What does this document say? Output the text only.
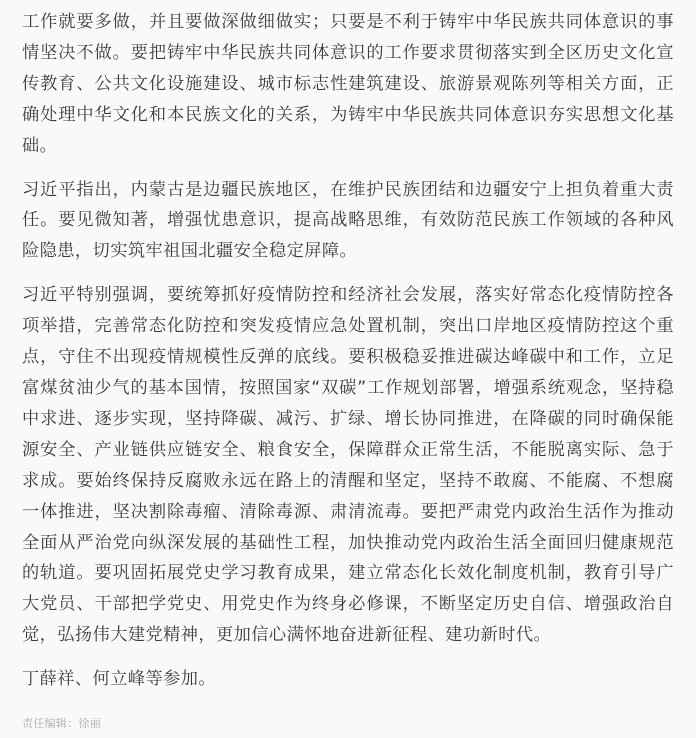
工作就要多做，并且要做深做细做实；只要是不利于铸牢中华民族共同体意识的事情坚决不做。要把铸牢中华民族共同体意识的工作要求贯彻落实到全区历史文化宣传教育、公共文化设施建设、城市标志性建筑建设、旅游景观陈列等相关方面，正确处理中华文化和本民族文化的关系，为铸牢中华民族共同体意识夯实思想文化基础。

习近平指出，内蒙古是边疆民族地区，在维护民族团结和边疆安宁上担负着重大责任。要见微知著，增强忧患意识，提高战略思维，有效防范民族工作领域的各种风险隐患，切实筑牢祖国北疆安全稳定屏障。

习近平特别强调，要统筹抓好疫情防控和经济社会发展，落实好常态化疫情防控各项举措，完善常态化防控和突发疫情应急处置机制，突出口岸地区疫情防控这个重点，守住不出现疫情规模性反弹的底线。要积极稳妥推进碳达峰碳中和工作，立足富煤贫油少气的基本国情，按照国家“双碳”工作规划部署，增强系统观念，坚持稳中求进、逐步实现，坚持降碳、减污、扩绿、增长协同推进，在降碳的同时确保能源安全、产业链供应链安全、粮食安全，保障群众正常生活，不能脱离实际、急于求成。要始终保持反腐败永远在路上的清醒和坚定，坚持不敢腐、不能腐、不想腐一体推进，坚决割除毒瘤、清除毒源、肃清流毒。要把严肃党内政治生活作为推动全面从严治党向纵深发展的基础性工程，加快推动党内政治生活全面回归健康规范的轨道。要巩固拓展党史学习教育成果，建立常态化长效化制度机制，教育引导广大党员、干部把学党史、用党史作为终身必修课，不断坚定历史自信、增强政治自觉，弘扬伟大建党精神，更加信心满怀地奋进新征程、建功新时代。

丁薛祥、何立峰等参加。

责任编辑：徐丽
